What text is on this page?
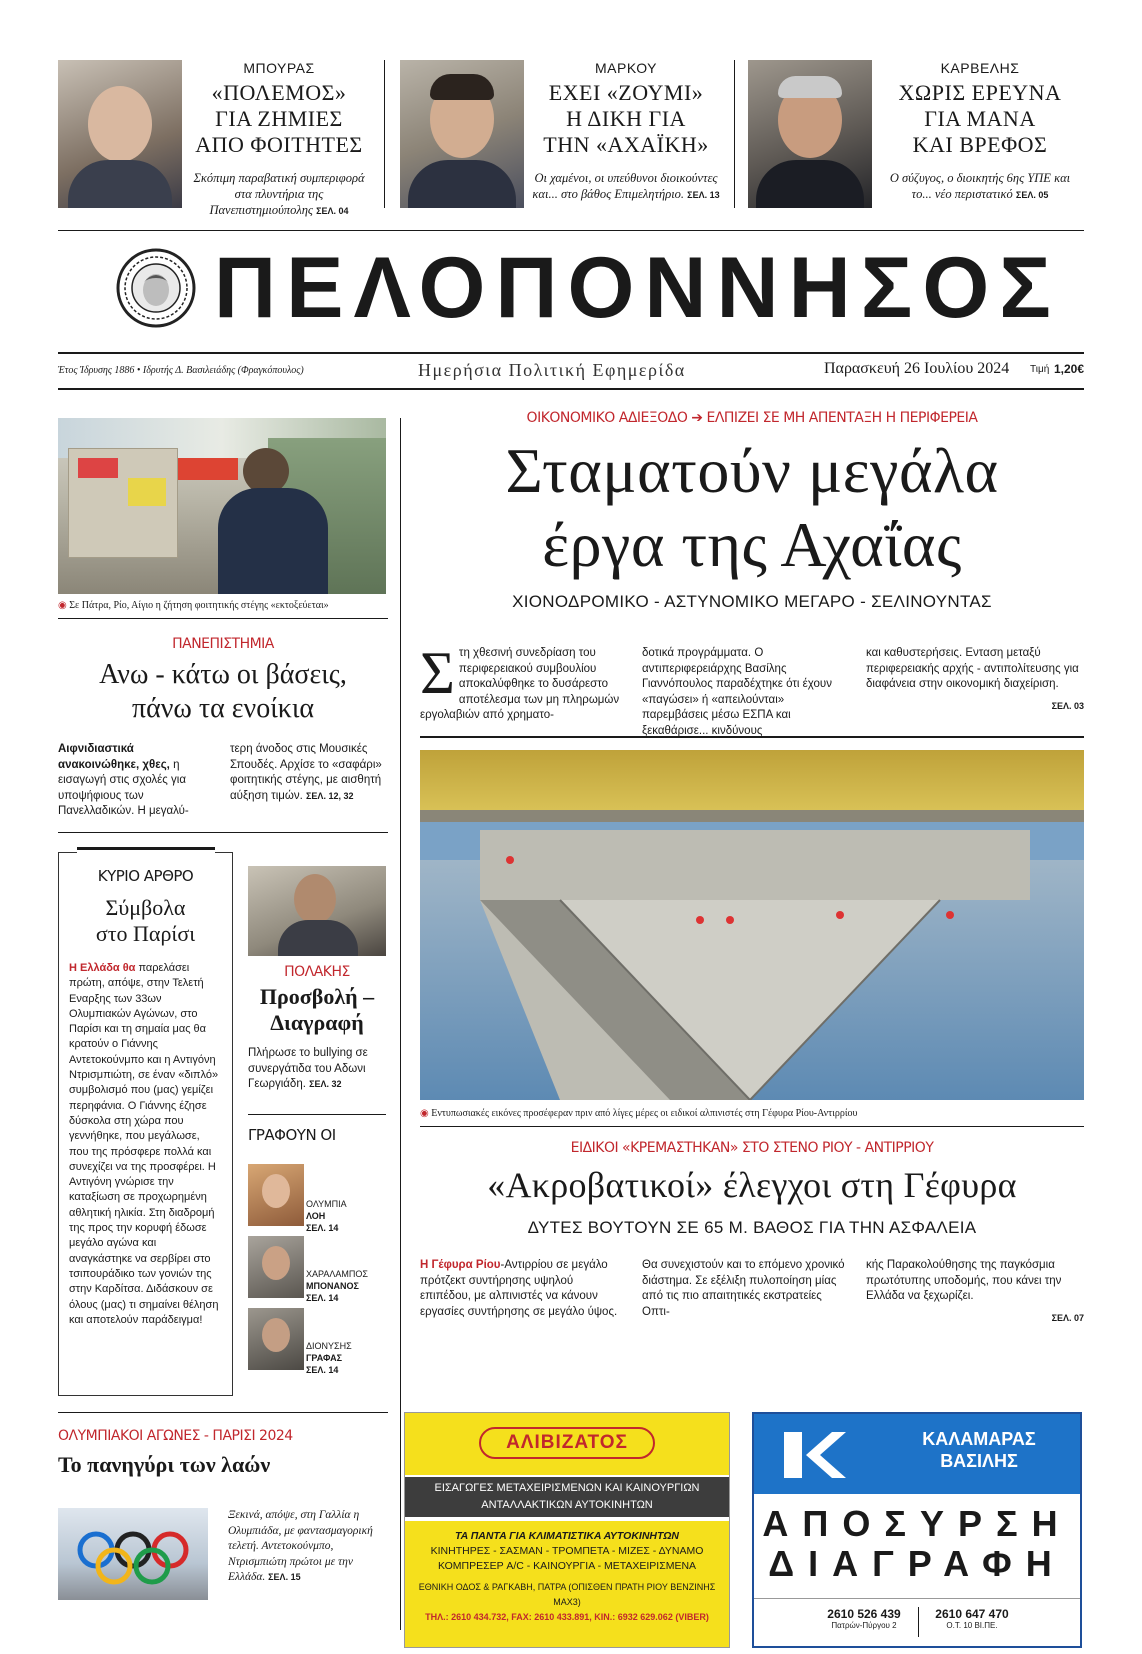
ΜΠΟΥΡΑΣ
«ΠΟΛΕΜΟΣ»
ΓΙΑ ΖΗΜΙΕΣ
ΑΠΟ ΦΟΙΤΗΤΕΣ
Σκόπιμη παραβατική συμπεριφορά στα πλυντήρια της Πανεπιστημιούπολης ΣΕΛ. 04
ΜΑΡΚΟΥ
ΕΧΕΙ «ΖΟΥΜΙ»
Η ΔΙΚΗ ΓΙΑ
ΤΗΝ «ΑΧΑΪΚΗ»
Οι χαμένοι, οι υπεύθυνοι διοικούντες και... στο βάθος Επιμελητήριο. ΣΕΛ. 13
ΚΑΡΒΕΛΗΣ
ΧΩΡΙΣ ΕΡΕΥΝΑ
ΓΙΑ ΜΑΝΑ
ΚΑΙ ΒΡΕΦΟΣ
Ο σύζυγος, ο διοικητής 6ης ΥΠΕ και το... νέο περιστατικό ΣΕΛ. 05
ΠΕΛΟΠΟΝΝΗΣΟΣ
Έτος Ίδρυσης 1886 • Ιδρυτής Δ. Βασιλειάδης (Φραγκόπουλος)	Ημερήσια Πολιτική Εφημερίδα	Παρασκευή 26 Ιουλίου 2024 Τιμή 1,20€
◉ Σε Πάτρα, Ρίο, Αίγιο η ζήτηση φοιτητικής στέγης «εκτοξεύεται»
ΠΑΝΕΠΙΣΤΗΜΙΑ
Ανω - κάτω οι βάσεις,
πάνω τα ενοίκια
Αιφνιδιαστικά ανακοινώθηκε, χθες, η εισαγωγή στις σχολές για υποψήφιους των Πανελλαδικών. Η μεγαλύ-
τερη άνοδος στις Μουσικές Σπουδές. Αρχίσε το «σαφάρι» φοιτητικής στέγης, με αισθητή αύξηση τιμών. ΣΕΛ. 12, 32
ΚΥΡΙΟ ΑΡΘΡΟ
Σύμβολα
στο Παρίσι
Η Ελλάδα θα παρελάσει πρώτη, απόψε, στην Τελετή Εναρξης των 33ων Ολυμπιακών Αγώνων, στο Παρίσι και τη σημαία μας θα κρατούν ο Γιάννης Αντετοκούνμπο και η Αντιγόνη Ντρισμπιώτη, σε έναν «διπλό» συμβολισμό που (μας) γεμίζει περηφάνια. Ο Γιάννης έζησε δύσκολα στη χώρα που γεννήθηκε, που μεγάλωσε, που της πρόσφερε πολλά και συνεχίζει να της προσφέρει. Η Αντιγόνη γνώρισε την καταξίωση σε προχωρημένη αθλητική ηλικία. Στη διαδρομή της προς την κορυφή έδωσε μεγάλο αγώνα και αναγκάστηκε να σερβίρει στο τσιπουράδικο των γονιών της στην Καρδίτσα. Διδάσκουν σε όλους (μας) τι σημαίνει θέληση και αποτελούν παράδειγμα!
ΠΟΛΑΚΗΣ
Προσβολή –
Διαγραφή
Πλήρωσε το bullying σε συνεργάτιδα του Αδωνι Γεωργιάδη. ΣΕΛ. 32
ΓΡΑΦΟΥΝ ΟΙ
ΟΛΥΜΠΙΑ
ΛΟΗ
ΣΕΛ. 14
ΧΑΡΑΛΑΜΠΟΣ
ΜΠΟΝΑΝΟΣ
ΣΕΛ. 14
ΔΙΟΝΥΣΗΣ
ΓΡΑΦΑΣ
ΣΕΛ. 14
ΟΛΥΜΠΙΑΚΟΙ ΑΓΩΝΕΣ - ΠΑΡΙΣΙ 2024
Το πανηγύρι των λαών
Ξεκινά, απόψε, στη Γαλλία η Ολυμπιάδα, με φαντασμαγορική τελετή. Αντετοκούνμπο, Ντρισμπιώτη πρώτοι με την Ελλάδα. ΣΕΛ. 15
ΟΙΚΟΝΟΜΙΚΟ ΑΔΙΕΞΟΔΟ ➔ ΕΛΠΙΖΕΙ ΣΕ ΜΗ ΑΠΕΝΤΑΞΗ Η ΠΕΡΙΦΕΡΕΙΑ
Σταματούν μεγάλα
έργα της Αχαΐας
ΧΙΟΝΟΔΡΟΜΙΚΟ - ΑΣΤΥΝΟΜΙΚΟ ΜΕΓΑΡΟ - ΣΕΛΙΝΟΥΝΤΑΣ
Σ τη χθεσινή συνεδρίαση του περιφερειακού συμβουλίου αποκαλύφθηκε το δυσάρεστο αποτέλεσμα των μη πληρωμών εργολαβιών από χρηματο-
δοτικά προγράμματα. Ο αντιπεριφερειάρχης Βασίλης Γιαννόπουλος παραδέχτηκε ότι έχουν «παγώσει» ή «απειλούνται» παρεμβάσεις μέσω ΕΣΠΑ και ξεκαθάρισε... κινδύνους
και καθυστερήσεις. Ενταση μεταξύ περιφερειακής αρχής - αντιπολίτευσης για διαφάνεια στην οικονομική διαχείριση.
ΣΕΛ. 03
◉ Εντυπωσιακές εικόνες προσέφεραν πριν από λίγες μέρες οι ειδικοί αλπινιστές στη Γέφυρα Ρίου-Αντιρρίου
ΕΙΔΙΚΟΙ «ΚΡΕΜΑΣΤΗΚΑΝ» ΣΤΟ ΣΤΕΝΟ ΡΙΟΥ - ΑΝΤΙΡΡΙΟΥ
«Ακροβατικοί» έλεγχοι στη Γέφυρα
ΔΥΤΕΣ ΒΟΥΤΟΥΝ ΣΕ 65 Μ. ΒΑΘΟΣ ΓΙΑ ΤΗΝ ΑΣΦΑΛΕΙΑ
Η Γέφυρα Ρίου-Αντιρρίου σε μεγάλο πρότζεκτ συντήρησης υψηλού επιπέδου, με αλπινιστές να κάνουν εργασίες συντήρησης σε μεγάλο ύψος.
Θα συνεχιστούν και το επόμενο χρονικό διάστημα. Σε εξέλιξη πυλοποίηση μίας από τις πιο απαιτητικές εκστρατείες Οπτι-
κής Παρακολούθησης της παγκόσμια πρωτότυπης υποδομής, που κάνει την Ελλάδα να ξεχωρίζει.
ΣΕΛ. 07
ΑΛΙΒΙΖΑΤΟΣ
ΕΙΣΑΓΩΓΕΣ ΜΕΤΑΧΕΙΡΙΣΜΕΝΩΝ ΚΑΙ ΚΑΙΝΟΥΡΓΙΩΝ
ΑΝΤΑΛΛΑΚΤΙΚΩΝ ΑΥΤΟΚΙΝΗΤΩΝ
ΤΑ ΠΑΝΤΑ ΓΙΑ ΚΛΙΜΑΤΙΣΤΙΚΑ ΑΥΤΟΚΙΝΗΤΩΝ
ΚΙΝΗΤΗΡΕΣ - ΣΑΣΜΑΝ - ΤΡΟΜΠΕΤΑ - ΜΙΖΕΣ - ΔΥΝΑΜΟ
ΚΟΜΠΡΕΣΕΡ A/C - ΚΑΙΝΟΥΡΓΙΑ - ΜΕΤΑΧΕΙΡΙΣΜΕΝΑ
ΕΘΝΙΚΗ ΟΔΟΣ & ΡΑΓΚΑΒΗ, ΠΑΤΡΑ (ΟΠΙΣΘΕΝ ΠΡΑΤΗ ΡΙΟΥ ΒΕΝΖΙΝΗΣ ΜΑΧ3)
ΤΗΛ.: 2610 434.732, FAX: 2610 433.891, ΚΙΝ.: 6932 629.062 (VIBER)
ΚΑΛΑΜΑΡΑΣ
ΒΑΣΙΛΗΣ
ΑΠΟΣΥΡΣΗ
ΔΙΑΓΡΑΦΗ
2610 526 439
Πατρών-Πύργου 2
2610 647 470
Ο.Τ. 10 ΒΙ.ΠΕ.
